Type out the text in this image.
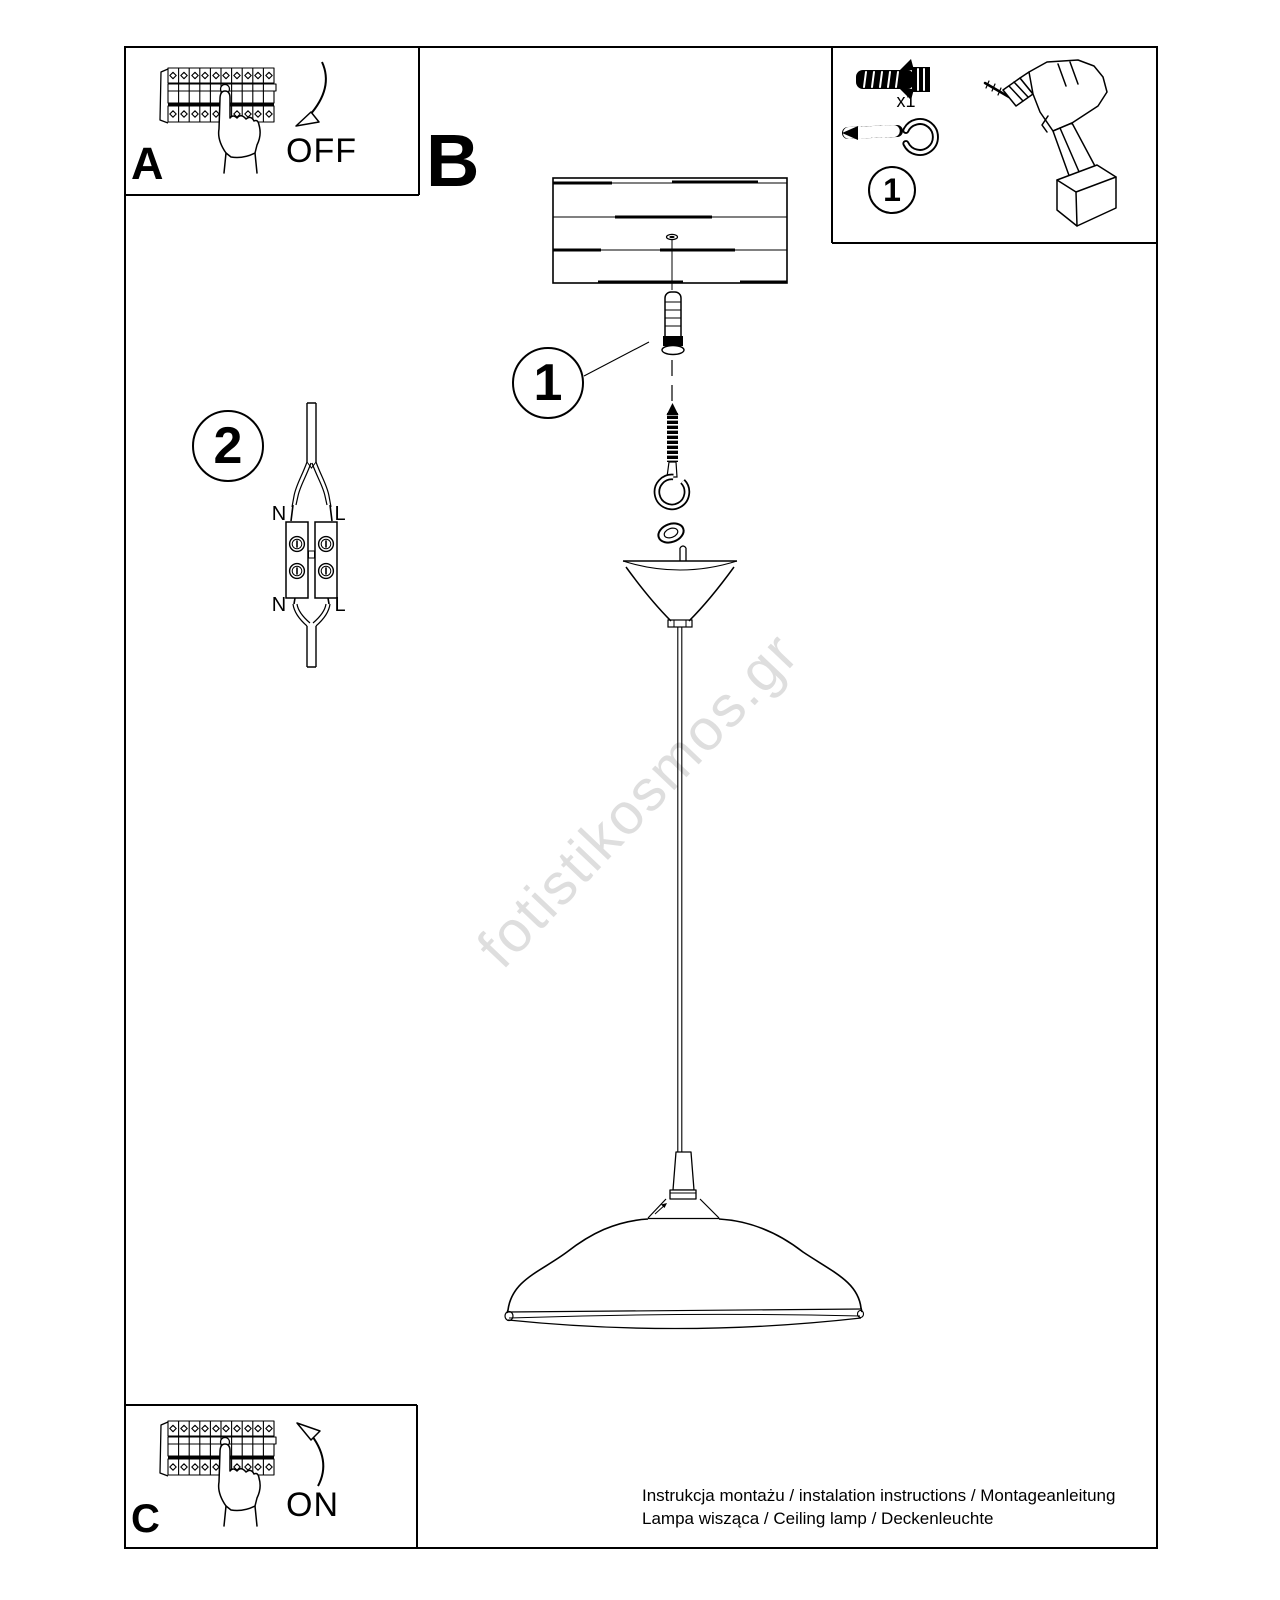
fotistikosmos.gr
A	OFF B
x1
1
1
2
N L
N L
C	ON	Instrukcja montażu / instalation instructions / Montageanleitung
Lampa wisząca / Ceiling lamp / Deckenleuchte
